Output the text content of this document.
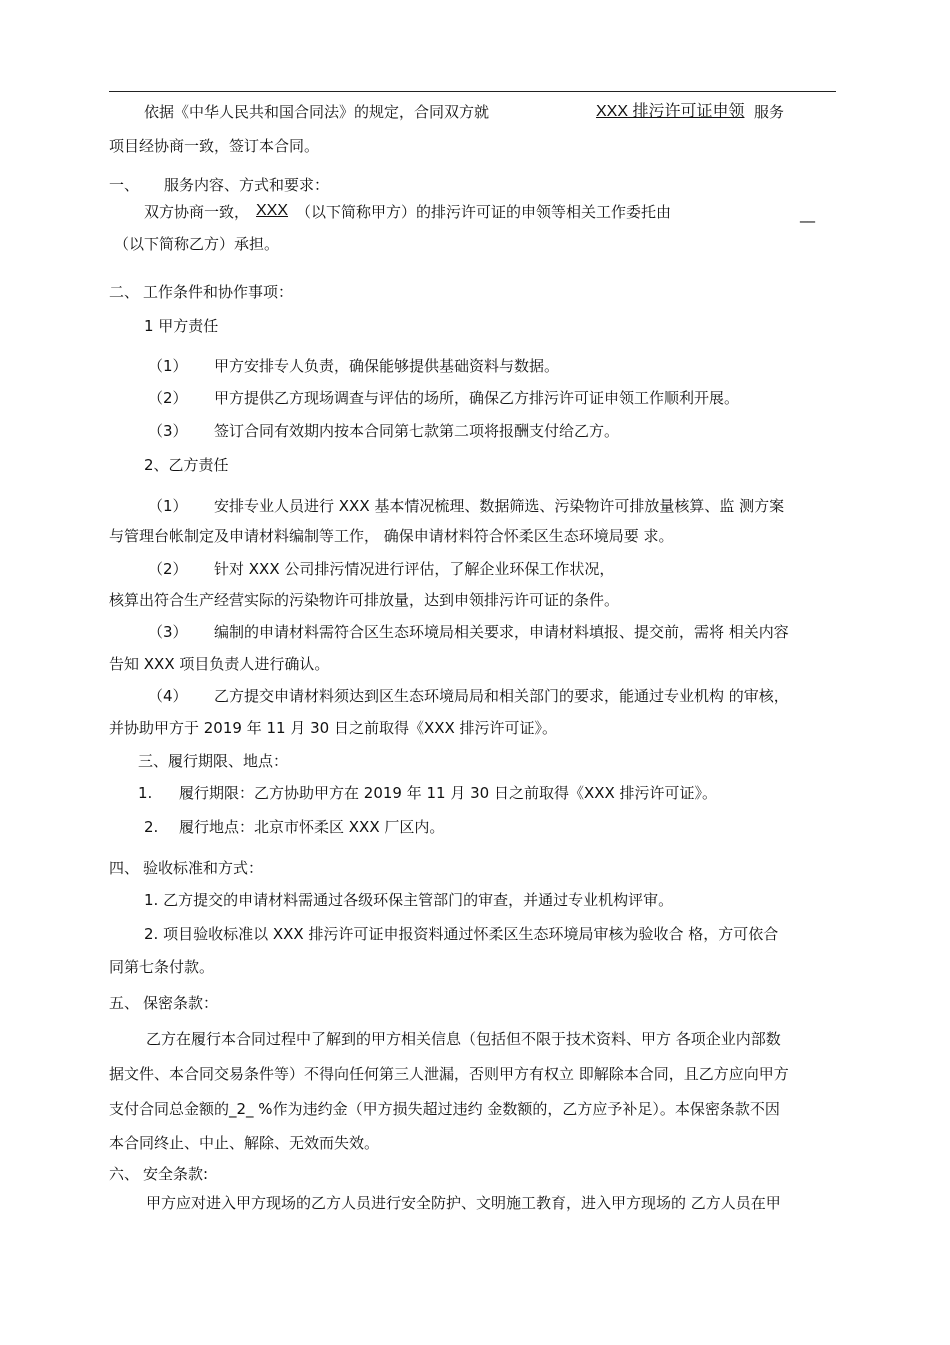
依据《中华人民共和国合同法》的规定，合同双方就	XXX 排污许可证申领 服务
项目经协商一致，签订本合同。
一、 服务内容、方式和要求：
双方协商一致， XXX （以下简称甲方）的排污许可证的申领等相关工作委托由	__
（以下简称乙方）承担。
二、 工作条件和协作事项：
1 甲方责任
（1） 甲方安排专人负责，确保能够提供基础资料与数据。
（2） 甲方提供乙方现场调查与评估的场所，确保乙方排污许可证申领工作顺利开展。
（3） 签订合同有效期内按本合同第七款第二项将报酬支付给乙方。
2、乙方责任
（1） 安排专业人员进行 XXX 基本情况梳理、数据筛选、污染物许可排放量核算、监 测方案
与管理台帐制定及申请材料编制等工作， 确保申请材料符合怀柔区生态环境局要 求。
（2） 针对 XXX 公司排污情况进行评估，了解企业环保工作状况，
核算出符合生产经营实际的污染物许可排放量，达到申领排污许可证的条件。
（3） 编制的申请材料需符合区生态环境局相关要求，申请材料填报、提交前，需将 相关内容
告知 XXX 项目负责人进行确认。
（4） 乙方提交申请材料须达到区生态环境局局和相关部门的要求，能通过专业机构 的审核，
并协助甲方于 2019 年 11 月 30 日之前取得《XXX 排污许可证》。
三、履行期限、地点：
1. 履行期限：乙方协助甲方在 2019 年 11 月 30 日之前取得《XXX 排污许可证》。
2. 履行地点：北京市怀柔区 XXX 厂区内。
四、 验收标准和方式：
1. 乙方提交的申请材料需通过各级环保主管部门的审查，并通过专业机构评审。
2. 项目验收标准以 XXX 排污许可证申报资料通过怀柔区生态环境局审核为验收合 格，方可依合
同第七条付款。
五、 保密条款：
乙方在履行本合同过程中了解到的甲方相关信息（包括但不限于技术资料、甲方 各项企业内部数
据文件、本合同交易条件等）不得向任何第三人泄漏，否则甲方有权立 即解除本合同，且乙方应向甲方
支付合同总金额的_2_ %作为违约金（甲方损失超过违约 金数额的，乙方应予补足）。本保密条款不因
本合同终止、中止、解除、无效而失效。
六、 安全条款:
甲方应对进入甲方现场的乙方人员进行安全防护、文明施工教育，进入甲方现场的 乙方人员在甲
